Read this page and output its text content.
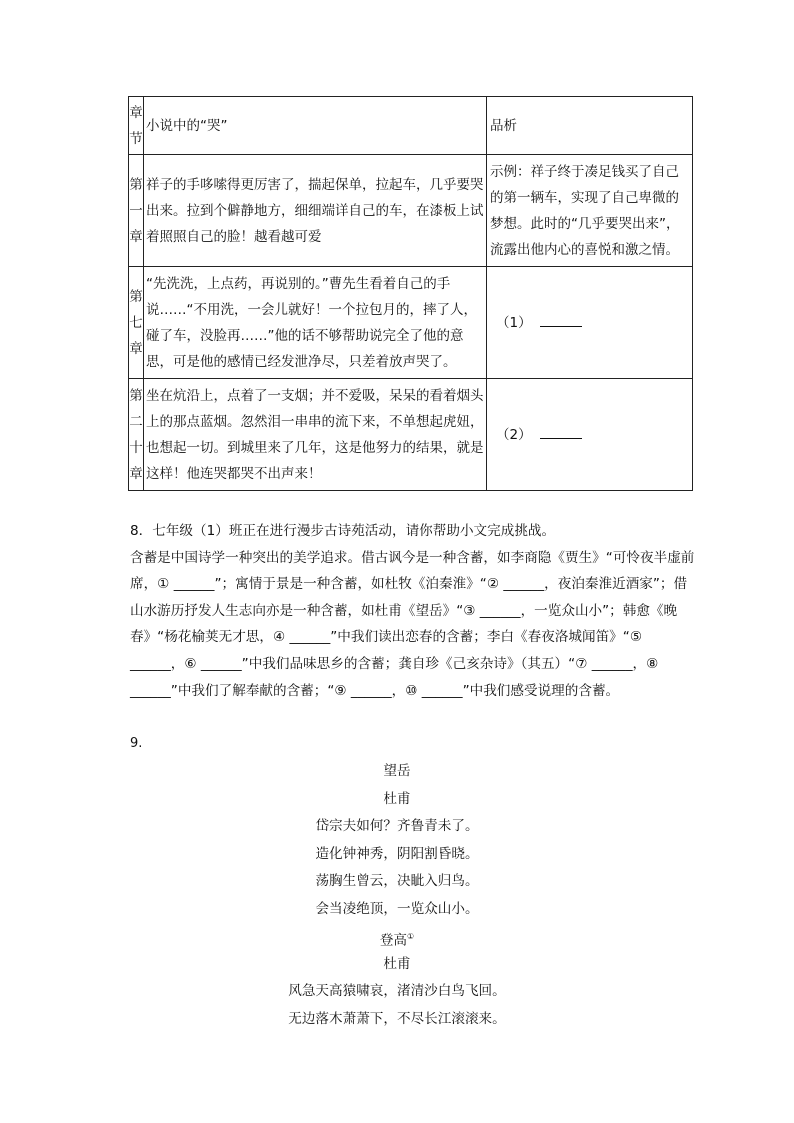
章节	小说中的“哭”	品析
第一章	祥子的手哆嗦得更厉害了，揣起保单，拉起车，几乎要哭出来。拉到个僻静地方，细细端详自己的车，在漆板上试着照照自己的脸！越看越可爱	示例：祥子终于凑足钱买了自己的第一辆车，实现了自己卑微的梦想。此时的“几乎要哭出来”，流露出他内心的喜悦和激之情。
第七章	“先洗洗，上点药，再说别的。”曹先生看着自己的手说……“不用洗，一会儿就好！一个拉包月的，摔了人，碰了车，没脸再……”他的话不够帮助说完全了他的意思，可是他的感情已经发泄净尽，只差着放声哭了。	（1）
第二十章	坐在炕沿上，点着了一支烟；并不爱吸，呆呆的看着烟头上的那点蓝烟。忽然泪一串串的流下来，不单想起虎妞，也想起一切。到城里来了几年，这是他努力的结果，就是这样！他连哭都哭不出声来！	（2）

8．七年级（1）班正在进行漫步古诗苑活动，请你帮助小文完成挑战。

含蓄是中国诗学一种突出的美学追求。借古讽今是一种含蓄，如李商隐《贾生》“可怜夜半虚前席，① ______”；寓情于景是一种含蓄，如杜牧《泊秦淮》“② ______，夜泊秦淮近酒家”；借山水游历抒发人生志向亦是一种含蓄，如杜甫《望岳》“③ ______，一览众山小”；韩愈《晚春》“杨花榆荚无才思，④ ______”中我们读出恋春的含蓄；李白《春夜洛城闻笛》“⑤ ______，⑥ ______”中我们品味思乡的含蓄；龚自珍《己亥杂诗》（其五）“⑦ ______，⑧ ______”中我们了解奉献的含蓄；“⑨ ______，⑩ ______”中我们感受说理的含蓄。

9.
望岳
杜甫
岱宗夫如何？齐鲁青未了。
造化钟神秀，阴阳割昏晓。
荡胸生曾云，决眦入归鸟。
会当凌绝顶，一览众山小。
登高①
杜甫
风急天高猿啸哀，渚清沙白鸟飞回。
无边落木萧萧下，不尽长江滚滚来。
